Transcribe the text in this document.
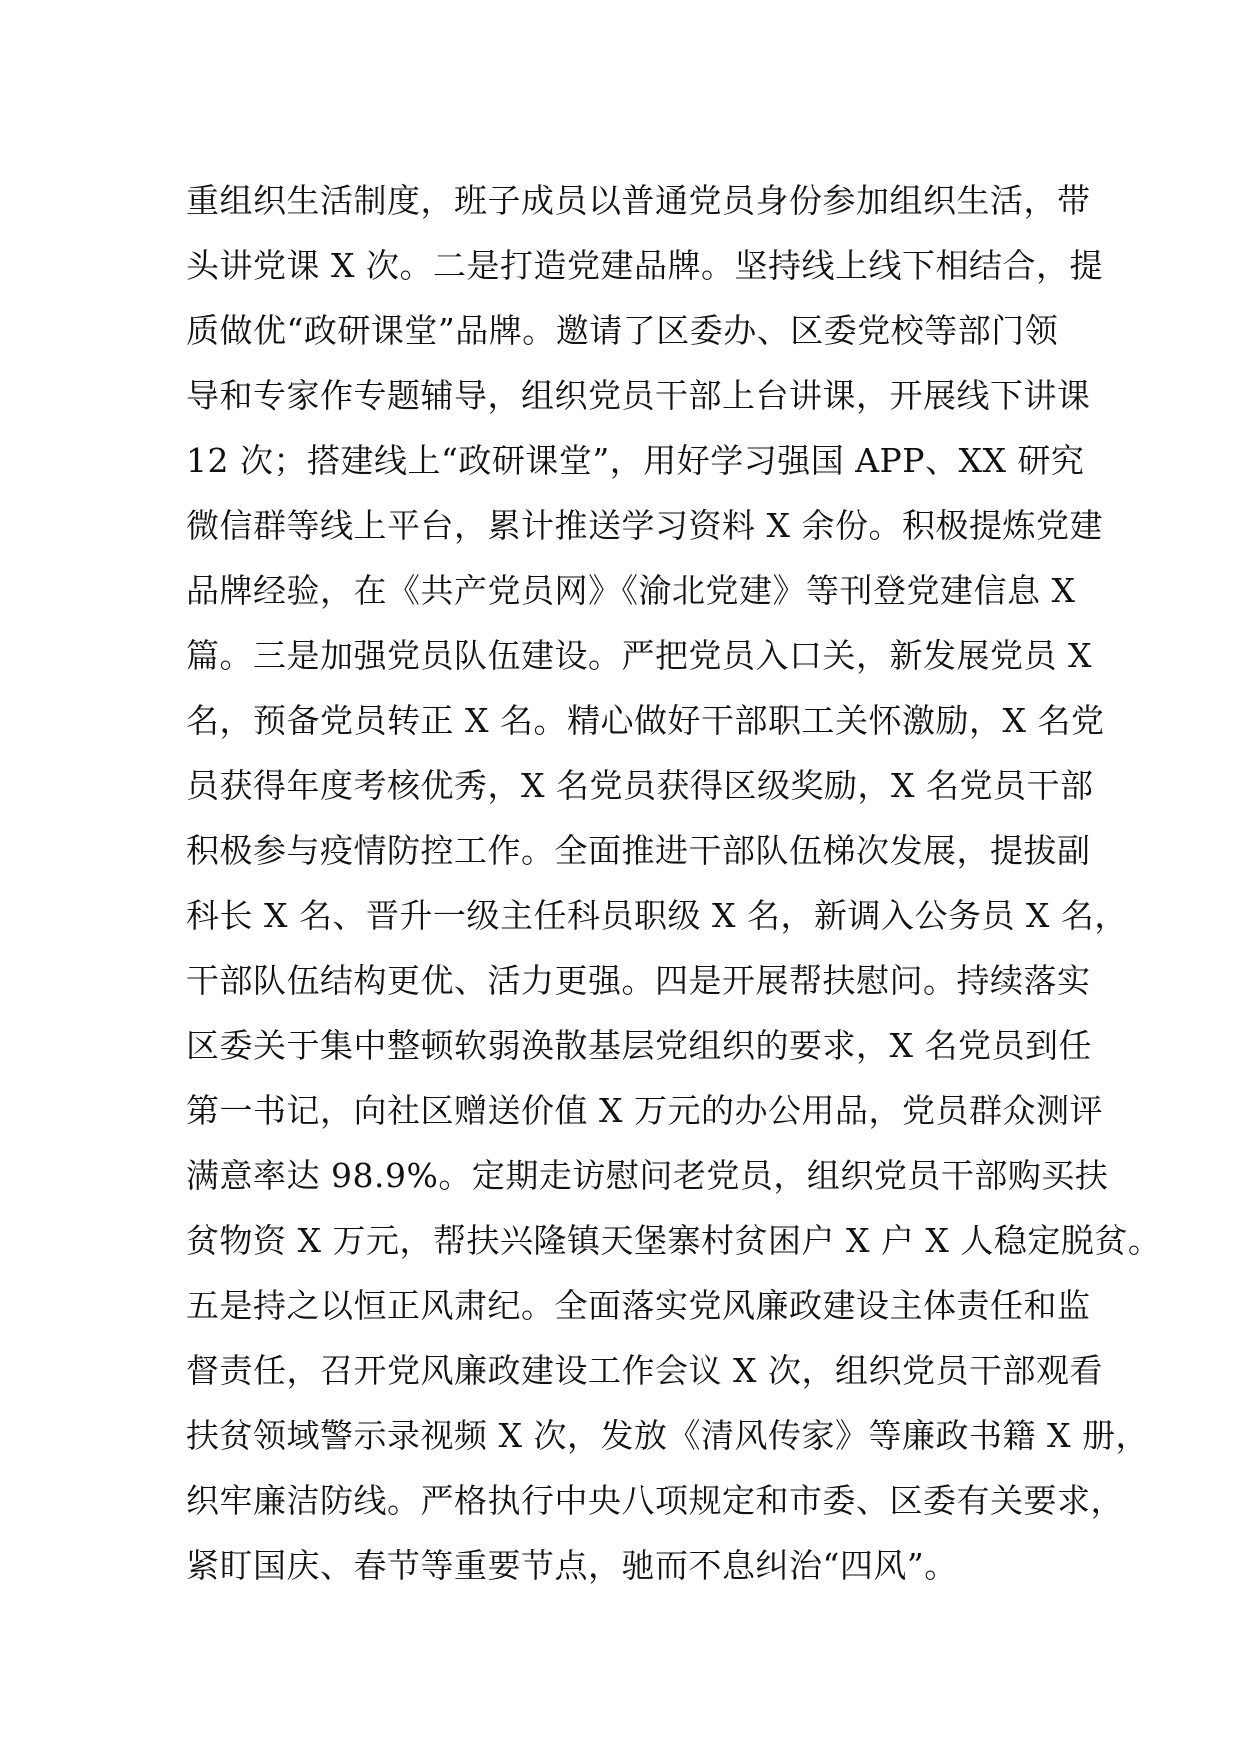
重组织生活制度，班子成员以普通党员身份参加组织生活，带
头讲党课 X 次。二是打造党建品牌。坚持线上线下相结合，提
质做优“政研课堂”品牌。邀请了区委办、区委党校等部门领
导和专家作专题辅导，组织党员干部上台讲课，开展线下讲课
12 次；搭建线上“政研课堂”，用好学习强国 APP、XX 研究
微信群等线上平台，累计推送学习资料 X 余份。积极提炼党建
品牌经验，在《共产党员网》《渝北党建》等刊登党建信息 X
篇。三是加强党员队伍建设。严把党员入口关，新发展党员 X
名，预备党员转正 X 名。精心做好干部职工关怀激励，X 名党
员获得年度考核优秀，X 名党员获得区级奖励，X 名党员干部
积极参与疫情防控工作。全面推进干部队伍梯次发展，提拔副
科长 X 名、晋升一级主任科员职级 X 名，新调入公务员 X 名，
干部队伍结构更优、活力更强。四是开展帮扶慰问。持续落实
区委关于集中整顿软弱涣散基层党组织的要求，X 名党员到任
第一书记，向社区赠送价值 X 万元的办公用品，党员群众测评
满意率达 98.9%。定期走访慰问老党员，组织党员干部购买扶
贫物资 X 万元，帮扶兴隆镇天堡寨村贫困户 X 户 X 人稳定脱贫。
五是持之以恒正风肃纪。全面落实党风廉政建设主体责任和监
督责任，召开党风廉政建设工作会议 X 次，组织党员干部观看
扶贫领域警示录视频 X 次，发放《清风传家》等廉政书籍 X 册，
织牢廉洁防线。严格执行中央八项规定和市委、区委有关要求，
紧盯国庆、春节等重要节点，驰而不息纠治“四风”。
